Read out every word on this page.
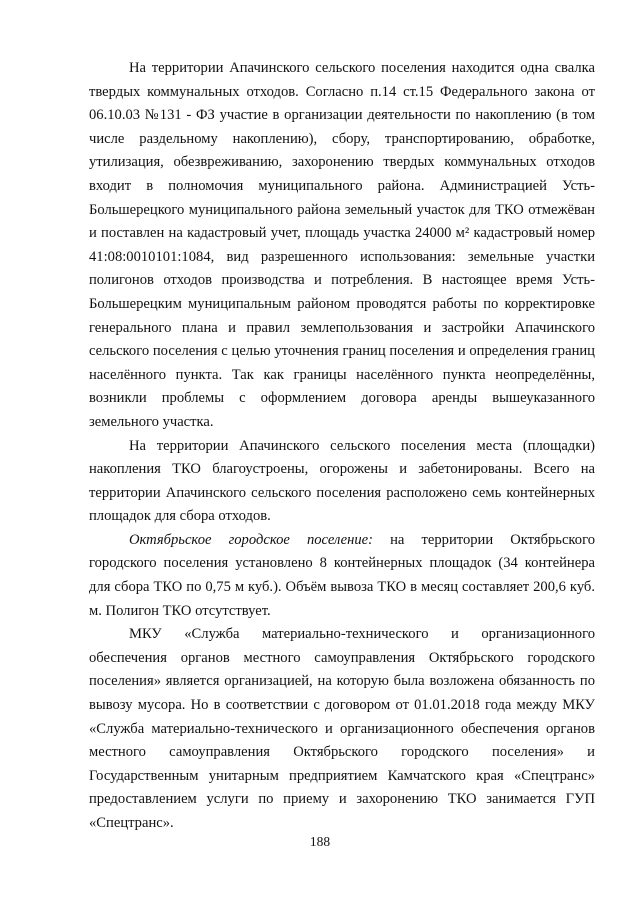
На территории Апачинского сельского поселения находится одна свалка твердых коммунальных отходов. Согласно п.14 ст.15 Федерального закона от 06.10.03 №131 - ФЗ участие в организации деятельности по накоплению (в том числе раздельному накоплению), сбору, транспортированию, обработке, утилизация, обезвреживанию, захоронению твердых коммунальных отходов входит в полномочия муниципального района. Администрацией Усть-Большерецкого муниципального района земельный участок для ТКО отмежёван и поставлен на кадастровый учет, площадь участка 24000 м² кадастровый номер 41:08:0010101:1084, вид разрешенного использования: земельные участки полигонов отходов производства и потребления. В настоящее время Усть-Большерецким муниципальным районом проводятся работы по корректировке генерального плана и правил землепользования и застройки Апачинского сельского поселения с целью уточнения границ поселения и определения границ населённого пункта. Так как границы населённого пункта неопределённы, возникли проблемы с оформлением договора аренды вышеуказанного земельного участка.

На территории Апачинского сельского поселения места (площадки) накопления ТКО благоустроены, огорожены и забетонированы. Всего на территории Апачинского сельского поселения расположено семь контейнерных площадок для сбора отходов.

Октябрьское городское поселение: на территории Октябрьского городского поселения установлено 8 контейнерных площадок (34 контейнера для сбора ТКО по 0,75 м куб.). Объём вывоза ТКО в месяц составляет 200,6 куб. м. Полигон ТКО отсутствует.

МКУ «Служба материально-технического и организационного обеспечения органов местного самоуправления Октябрьского городского поселения» является организацией, на которую была возложена обязанность по вывозу мусора. Но в соответствии с договором от 01.01.2018 года между МКУ «Служба материально-технического и организационного обеспечения органов местного самоуправления Октябрьского городского поселения» и Государственным унитарным предприятием Камчатского края «Спецтранс» предоставлением услуги по приему и захоронению ТКО занимается ГУП «Спецтранс».

188
